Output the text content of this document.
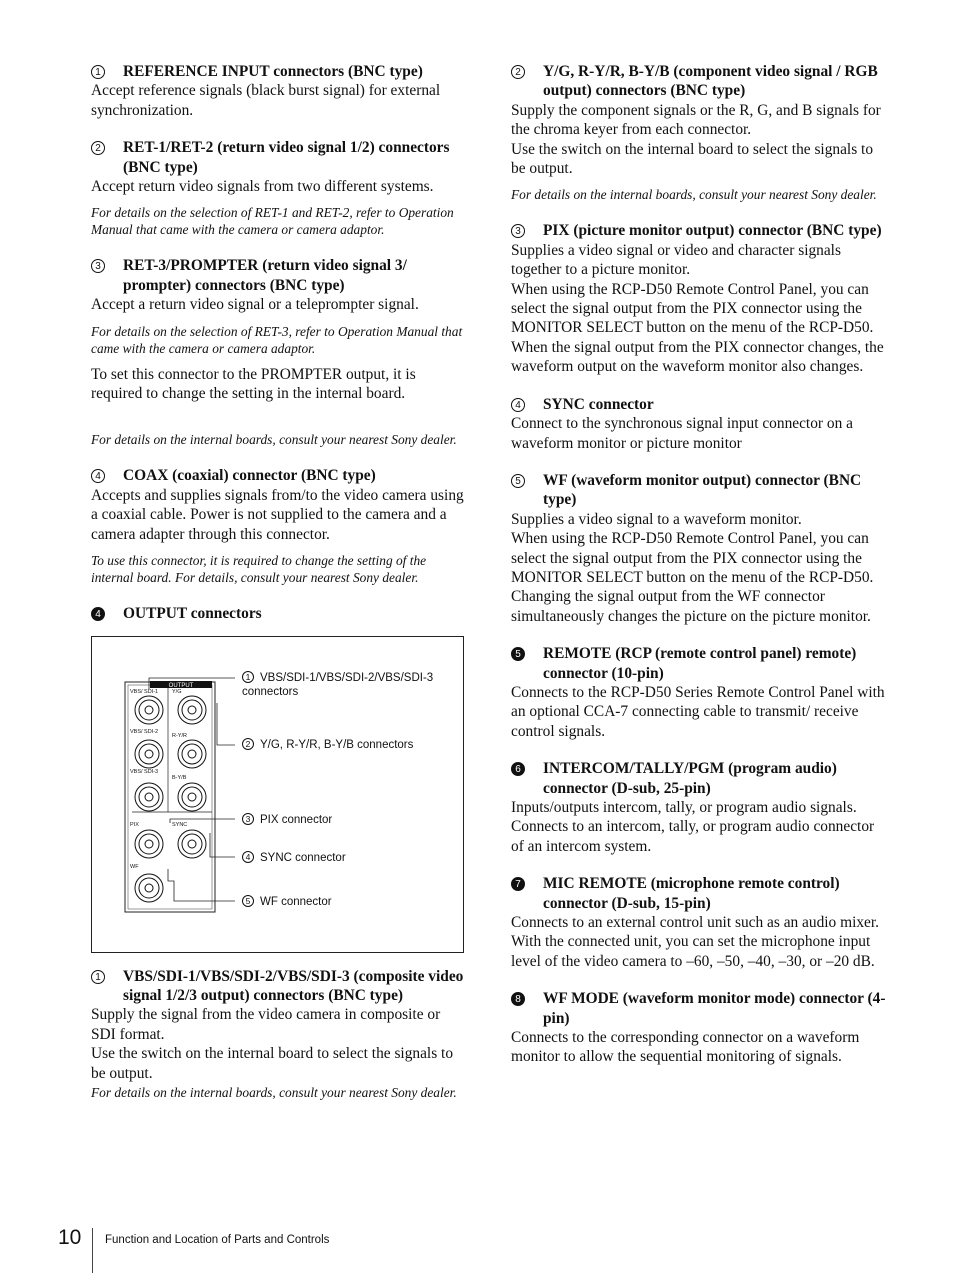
1	REFERENCE INPUT connectors (BNC type)

Accept reference signals (black burst signal) for external synchronization.

2	RET-1/RET-2 (return video signal 1/2) connectors (BNC type)

Accept return video signals from two different systems.

For details on the selection of RET-1 and RET-2, refer to Operation Manual that came with the camera or camera adaptor.

3	RET-3/PROMPTER (return video signal 3/ prompter) connectors (BNC type)

Accept a return video signal or a teleprompter signal.

For details on the selection of RET-3, refer to Operation Manual that came with the camera or camera adaptor.

To set this connector to the PROMPTER output, it is required to change the setting in the internal board.

For details on the internal boards, consult your nearest Sony dealer.

4	COAX (coaxial) connector (BNC type)

Accepts and supplies signals from/to the video camera using a coaxial cable. Power is not supplied to the camera and a camera adapter through this connector.

To use this connector, it is required to change the setting of the internal board. For details, consult your nearest Sony dealer.

4	OUTPUT connectors
OUTPUT
VBS/ SDI-1	Y/G
VBS/ SDI-2
R-Y/R
VBS/ SDI-3
B-Y/B
PIX	SYNC
WF
1 VBS/SDI-1/VBS/SDI-2/VBS/SDI-3 connectors
2 Y/G, R-Y/R, B-Y/B connectors
3 PIX connector
4 SYNC connector
5 WF connector
1	VBS/SDI-1/VBS/SDI-2/VBS/SDI-3 (composite video signal 1/2/3 output) connectors (BNC type)

Supply the signal from the video camera in composite or SDI format.

Use the switch on the internal board to select the signals to be output.

For details on the internal boards, consult your nearest Sony dealer.

2	Y/G, R-Y/R, B-Y/B (component video signal / RGB output) connectors (BNC type)

Supply the component signals or the R, G, and B signals for the chroma keyer from each connector.

Use the switch on the internal board to select the signals to be output.

For details on the internal boards, consult your nearest Sony dealer.

3	PIX (picture monitor output) connector (BNC type)

Supplies a video signal or video and character signals together to a picture monitor.

When using the RCP-D50 Remote Control Panel, you can select the signal output from the PIX connector using the MONITOR SELECT button on the menu of the RCP-D50. When the signal output from the PIX connector changes, the waveform output on the waveform monitor also changes.

4	SYNC connector

Connect to the synchronous signal input connector on a waveform monitor or picture monitor

5	WF (waveform monitor output) connector (BNC type)

Supplies a video signal to a waveform monitor.

When using the RCP-D50 Remote Control Panel, you can select the signal output from the PIX connector using the MONITOR SELECT button on the menu of the RCP-D50. Changing the signal output from the WF connector simultaneously changes the picture on the picture monitor.

5	REMOTE (RCP (remote control panel) remote) connector (10-pin)

Connects to the RCP-D50 Series Remote Control Panel with an optional CCA-7 connecting cable to transmit/ receive control signals.

6	INTERCOM/TALLY/PGM (program audio) connector (D-sub, 25-pin)

Inputs/outputs intercom, tally, or program audio signals. Connects to an intercom, tally, or program audio connector of an intercom system.

7	MIC REMOTE (microphone remote control) connector (D-sub, 15-pin)

Connects to an external control unit such as an audio mixer. With the connected unit, you can set the microphone input level of the video camera to –60, –50, –40, –30, or –20 dB.

8	WF MODE (waveform monitor mode) connector (4-pin)

Connects to the corresponding connector on a waveform monitor to allow the sequential monitoring of signals.

10 Function and Location of Parts and Controls
